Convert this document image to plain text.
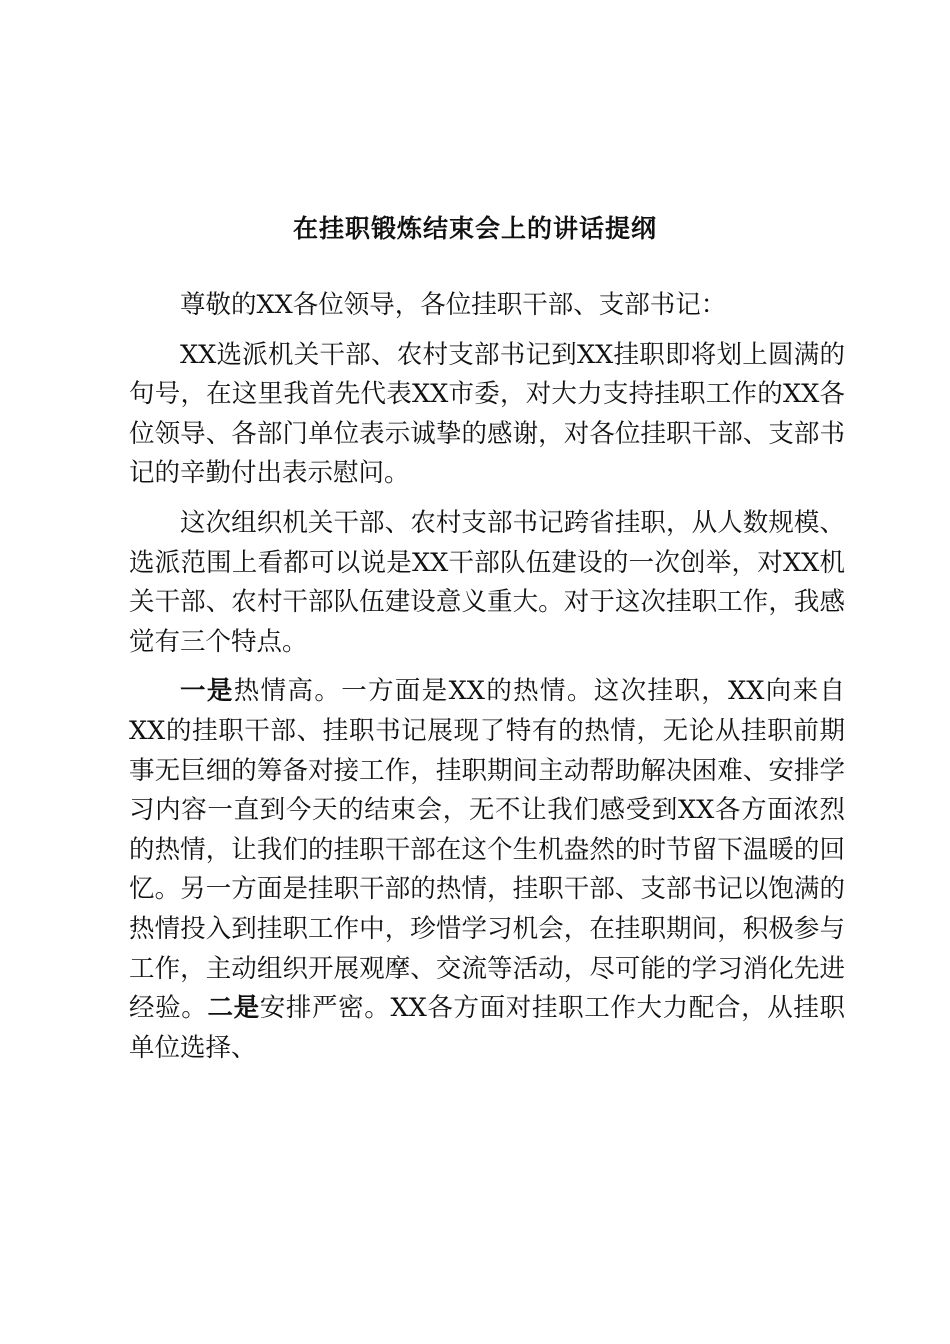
在挂职锻炼结束会上的讲话提纲

尊敬的XX各位领导，各位挂职干部、支部书记：

XX选派机关干部、农村支部书记到XX挂职即将划上圆满的句号，在这里我首先代表XX市委，对大力支持挂职工作的XX各位领导、各部门单位表示诚挚的感谢，对各位挂职干部、支部书记的辛勤付出表示慰问。

这次组织机关干部、农村支部书记跨省挂职，从人数规模、选派范围上看都可以说是XX干部队伍建设的一次创举，对XX机关干部、农村干部队伍建设意义重大。对于这次挂职工作，我感觉有三个特点。

一是热情高。一方面是XX的热情。这次挂职，XX向来自XX的挂职干部、挂职书记展现了特有的热情，无论从挂职前期事无巨细的筹备对接工作，挂职期间主动帮助解决困难、安排学习内容一直到今天的结束会，无不让我们感受到XX各方面浓烈的热情，让我们的挂职干部在这个生机盎然的时节留下温暖的回忆。另一方面是挂职干部的热情，挂职干部、支部书记以饱满的热情投入到挂职工作中，珍惜学习机会，在挂职期间，积极参与工作，主动组织开展观摩、交流等活动，尽可能的学习消化先进经验。二是安排严密。XX各方面对挂职工作大力配合，从挂职单位选择、
